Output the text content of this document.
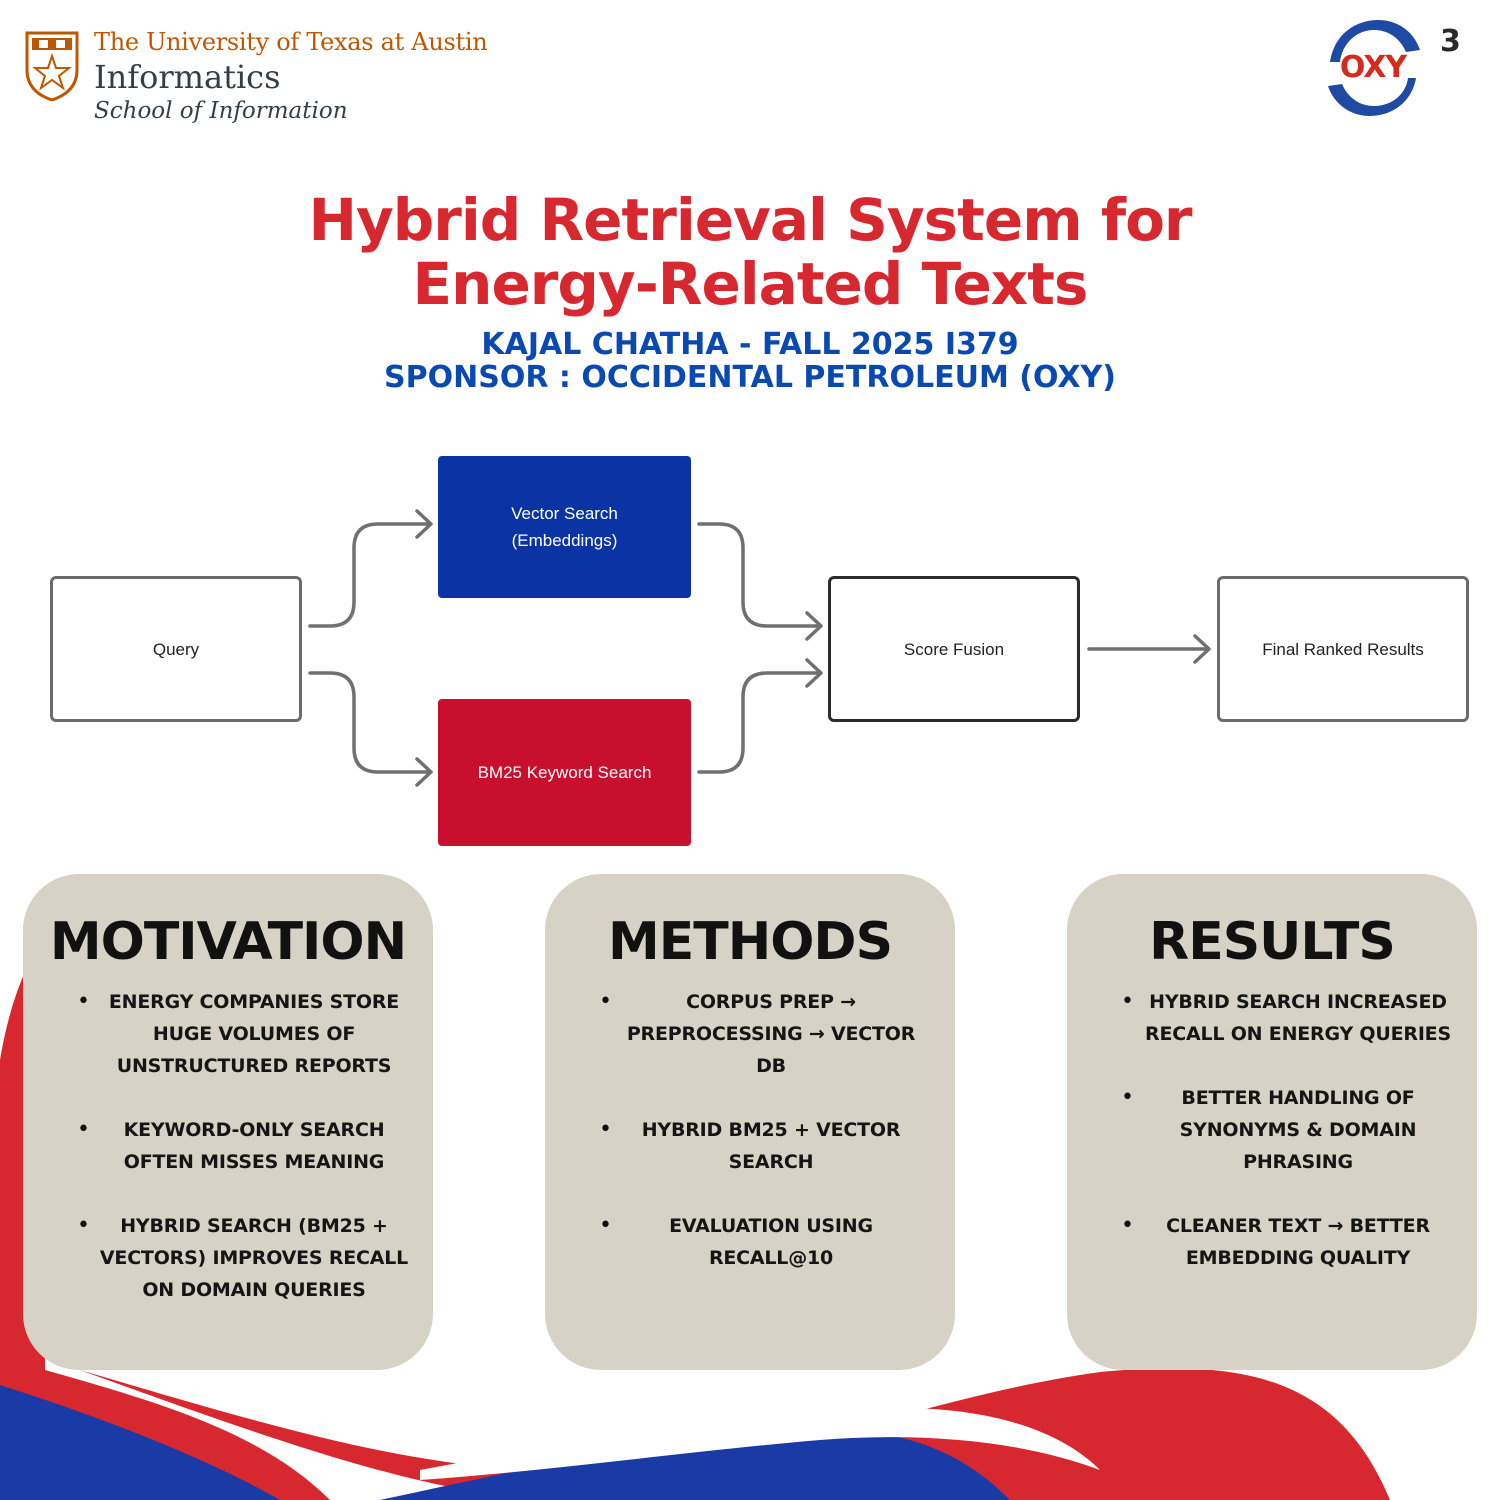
The University of Texas at Austin
Informatics
School of Information
OXY
3
Hybrid Retrieval System for Energy-Related Texts
KAJAL CHATHA - FALL 2025 I379
SPONSOR : OCCIDENTAL PETROLEUM (OXY)
Query
Vector Search
(Embeddings)
BM25 Keyword Search
Score Fusion	Final Ranked Results
MOTIVATION
• ENERGY COMPANIES STORE HUGE VOLUMES OF UNSTRUCTURED REPORTS
•	KEYWORD-ONLY SEARCH OFTEN MISSES MEANING
•	HYBRID SEARCH (BM25 + VECTORS) IMPROVES RECALL ON DOMAIN QUERIES
METHODS
•	CORPUS PREP → PREPROCESSING → VECTOR DB
•	HYBRID BM25 + VECTOR SEARCH
•	EVALUATION USING RECALL@10
RESULTS
• HYBRID SEARCH INCREASED RECALL ON ENERGY QUERIES
•	BETTER HANDLING OF SYNONYMS & DOMAIN PHRASING
•	CLEANER TEXT → BETTER EMBEDDING QUALITY
